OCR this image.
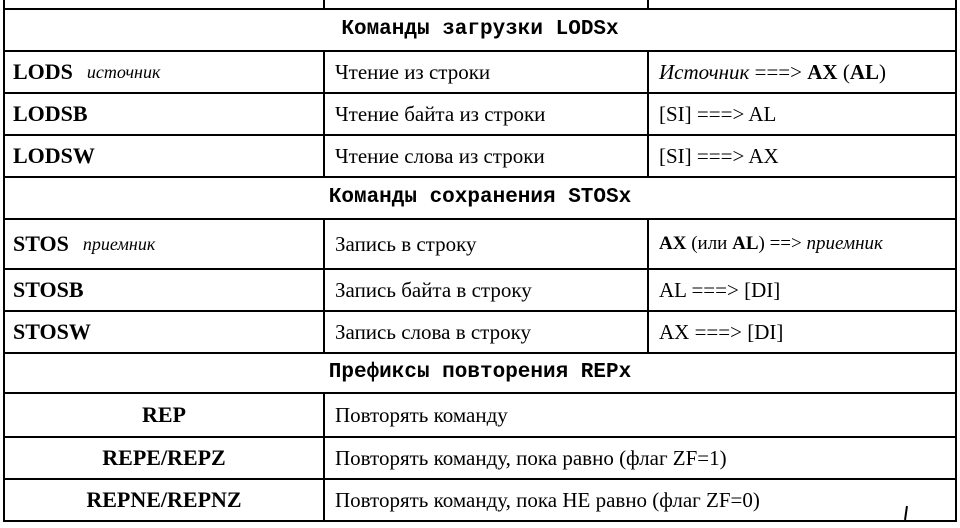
Команды загрузки LODSx
LODS источник	Чтение из строки	Источник ===> AX (AL)
LODSB	Чтение байта из строки	[SI] ===> AL
LODSW	Чтение слова из строки	[SI] ===> AX
Команды сохранения STOSx
STOS приемник	Запись в строку	AX (или AL) ==> приемник
STOSB	Запись байта в строку	AL ===> [DI]
STOSW	Запись слова в строку	AX ===> [DI]
Префиксы повторения REPx
REP	Повторять команду
REPE/REPZ	Повторять команду, пока равно (флаг ZF=1)
REPNE/REPNZ	Повторять команду, пока НЕ равно (флаг ZF=0)
